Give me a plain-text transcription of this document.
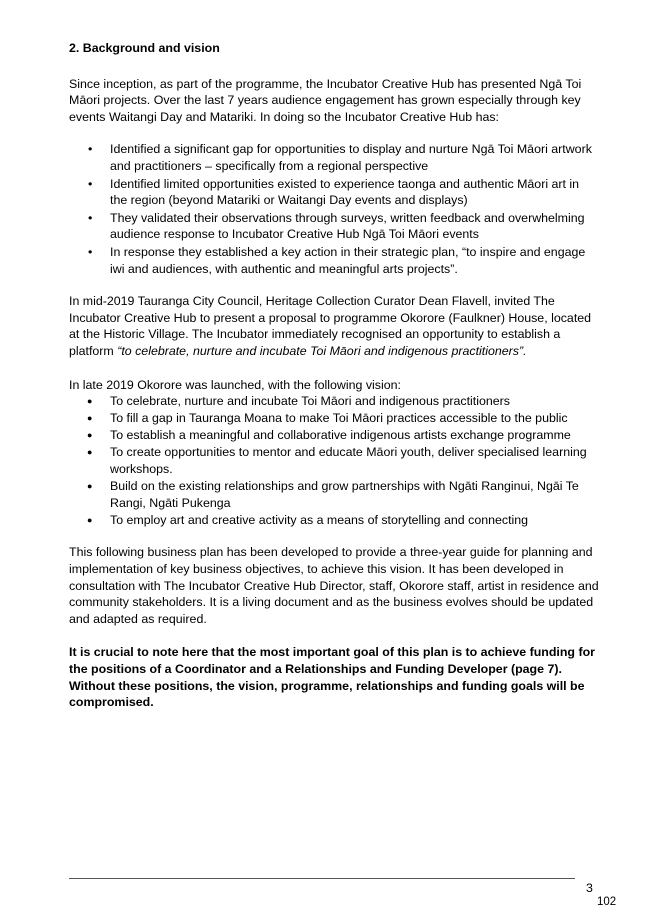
2. Background and vision

Since inception, as part of the programme, the Incubator Creative Hub has presented Ngā Toi Māori projects. Over the last 7 years audience engagement has grown especially through key events Waitangi Day and Matariki. In doing so the Incubator Creative Hub has:

• Identified a significant gap for opportunities to display and nurture Ngā Toi Māori artwork and practitioners – specifically from a regional perspective
• Identified limited opportunities existed to experience taonga and authentic Māori art in the region (beyond Matariki or Waitangi Day events and displays)
• They validated their observations through surveys, written feedback and overwhelming audience response to Incubator Creative Hub Ngā Toi Māori events
• In response they established a key action in their strategic plan, “to inspire and engage iwi and audiences, with authentic and meaningful arts projects”.

In mid-2019 Tauranga City Council, Heritage Collection Curator Dean Flavell, invited The Incubator Creative Hub to present a proposal to programme Okorore (Faulkner) House, located at the Historic Village. The Incubator immediately recognised an opportunity to establish a platform “to celebrate, nurture and incubate Toi Māori and indigenous practitioners”.

In late 2019 Okorore was launched, with the following vision:

● To celebrate, nurture and incubate Toi Māori and indigenous practitioners
● To fill a gap in Tauranga Moana to make Toi Māori practices accessible to the public
● To establish a meaningful and collaborative indigenous artists exchange programme
● To create opportunities to mentor and educate Māori youth, deliver specialised learning workshops.
● Build on the existing relationships and grow partnerships with Ngāti Ranginui, Ngāi Te Rangi, Ngāti Pukenga
● To employ art and creative activity as a means of storytelling and connecting

This following business plan has been developed to provide a three-year guide for planning and implementation of key business objectives, to achieve this vision. It has been developed in consultation with The Incubator Creative Hub Director, staff, Okorore staff, artist in residence and community stakeholders. It is a living document and as the business evolves should be updated and adapted as required.

It is crucial to note here that the most important goal of this plan is to achieve funding for the positions of a Coordinator and a Relationships and Funding Developer (page 7). Without these positions, the vision, programme, relationships and funding goals will be compromised.

3
102
